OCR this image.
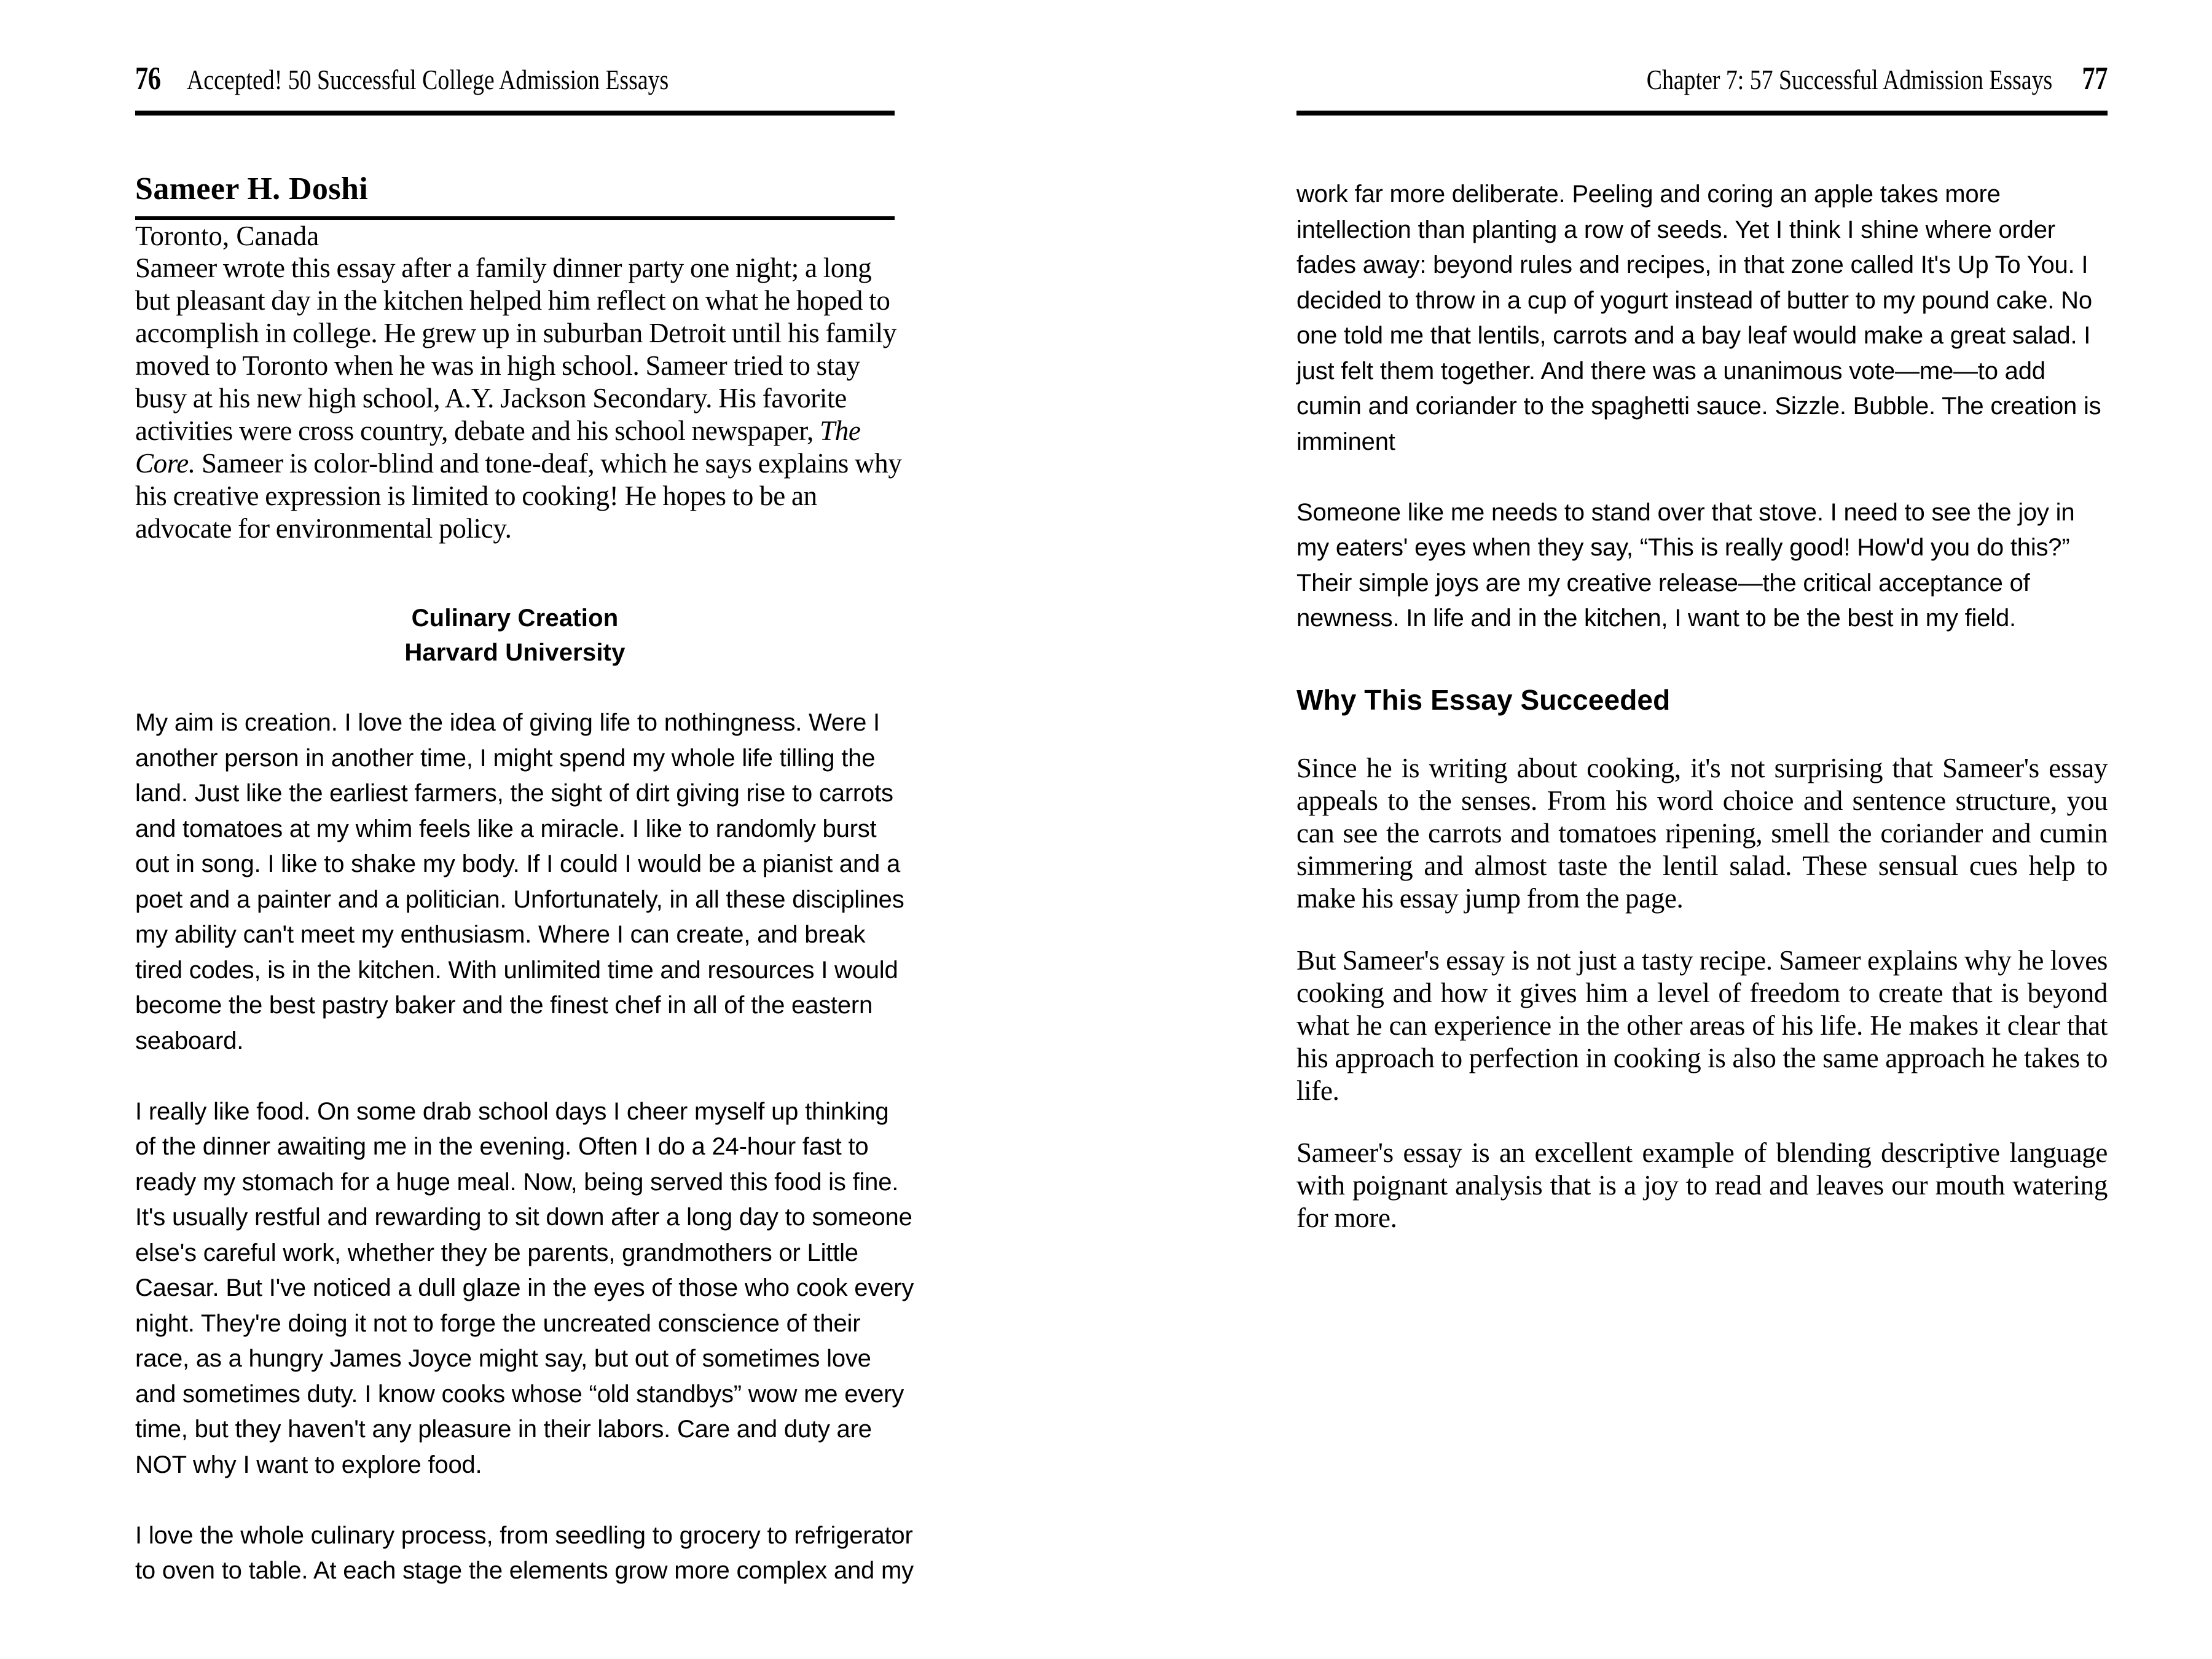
76 Accepted! 50 Successful College Admission Essays	Chapter 7: 57 Successful Admission Essays 77
Sameer H. Doshi
Toronto, Canada
Sameer wrote this essay after a family dinner party one night; a long but pleasant day in the kitchen helped him reflect on what he hoped to accomplish in college. He grew up in suburban Detroit until his family moved to Toronto when he was in high school. Sameer tried to stay busy at his new high school, A.Y. Jackson Secondary. His favorite activities were cross country, debate and his school newspaper, The Core. Sameer is color-blind and tone-deaf, which he says explains why his creative expression is limited to cooking! He hopes to be an advocate for environmental policy.
Culinary Creation
Harvard University

My aim is creation. I love the idea of giving life to nothingness. Were I another person in another time, I might spend my whole life tilling the land. Just like the earliest farmers, the sight of dirt giving rise to carrots and tomatoes at my whim feels like a miracle. I like to randomly burst out in song. I like to shake my body. If I could I would be a pianist and a poet and a painter and a politician. Unfortunately, in all these disciplines my ability can't meet my enthusiasm. Where I can create, and break tired codes, is in the kitchen. With unlimited time and resources I would become the best pastry baker and the finest chef in all of the eastern seaboard.

I really like food. On some drab school days I cheer myself up thinking of the dinner awaiting me in the evening. Often I do a 24-hour fast to ready my stomach for a huge meal. Now, being served this food is fine. It's usually restful and rewarding to sit down after a long day to someone else's careful work, whether they be parents, grandmothers or Little Caesar. But I've noticed a dull glaze in the eyes of those who cook every night. They're doing it not to forge the uncreated conscience of their race, as a hungry James Joyce might say, but out of sometimes love and sometimes duty. I know cooks whose “old standbys” wow me every time, but they haven't any pleasure in their labors. Care and duty are NOT why I want to explore food.

I love the whole culinary process, from seedling to grocery to refrigerator to oven to table. At each stage the elements grow more complex and my

work far more deliberate. Peeling and coring an apple takes more intellection than planting a row of seeds. Yet I think I shine where order fades away: beyond rules and recipes, in that zone called It's Up To You. I decided to throw in a cup of yogurt instead of butter to my pound cake. No one told me that lentils, carrots and a bay leaf would make a great salad. I just felt them together. And there was a unanimous vote—me—to add cumin and coriander to the spaghetti sauce. Sizzle. Bubble. The creation is imminent

Someone like me needs to stand over that stove. I need to see the joy in my eaters' eyes when they say, “This is really good! How'd you do this?” Their simple joys are my creative release—the critical acceptance of newness. In life and in the kitchen, I want to be the best in my field.

Why This Essay Succeeded

Since he is writing about cooking, it's not surprising that Sameer's essay appeals to the senses. From his word choice and sentence structure, you can see the carrots and tomatoes ripening, smell the coriander and cumin simmering and almost taste the lentil salad. These sensual cues help to make his essay jump from the page.

But Sameer's essay is not just a tasty recipe. Sameer explains why he loves cooking and how it gives him a level of freedom to create that is beyond what he can experience in the other areas of his life. He makes it clear that his approach to perfection in cooking is also the same approach he takes to life.

Sameer's essay is an excellent example of blending descriptive language with poignant analysis that is a joy to read and leaves our mouth watering for more.
